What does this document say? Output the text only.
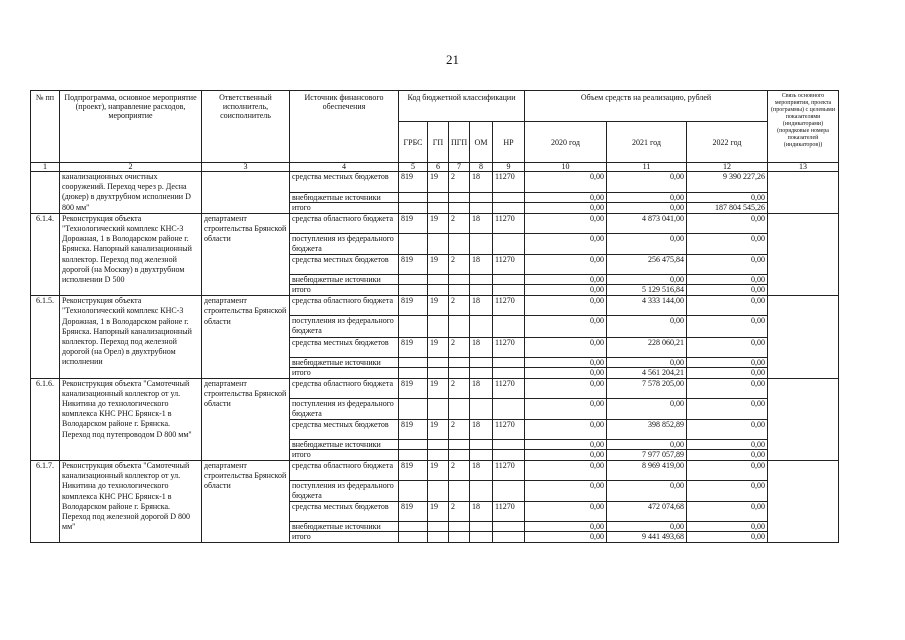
21
№ пп	Подпрограмма, основное мероприятие (проект), направление расходов, мероприятие	Ответственный исполнитель, соисполнитель	Источник финансового обеспечения	Код бюджетной классификации					Объем средств на реализацию, рублей			Связь основного мероприятия, проекта (программы) с целевыми показателями (индикаторами) (порядковые номера показателей (индикаторов))
				ГРБС	ГП	ПГП	ОМ	НР	2020 год	2021 год	2022 год	
1	2	3	4	5	6	7	8	9	10	11	12	13
	канализационных очистных сооружений. Переход через р. Десна (дюкер) в двухтрубном исполнении D 800 мм"		средства местных бюджетов	819	19	2	18	11270	0,00	0,00	9 390 227,26	
			внебюджетные источники						0,00	0,00	0,00	
			итого						0,00	0,00	187 804 545,26	
6.1.4.	Реконструкция объекта "Технологический комплекс КНС-3 Дорожная, 1 в Володарском районе г. Брянска. Напорный канализационный коллектор. Переход под железной дорогой (на Москву) в двухтрубном исполнении D 500	департамент строительства Брянской области	средства областного бюджета	819	19	2	18	11270	0,00	4 873 041,00	0,00	
			поступления из федерального бюджета						0,00	0,00	0,00	
			средства местных бюджетов	819	19	2	18	11270	0,00	256 475,84	0,00	
			внебюджетные источники						0,00	0,00	0,00	
			итого						0,00	5 129 516,84	0,00	
6.1.5.	Реконструкция объекта "Технологический комплекс КНС-3 Дорожная, 1 в Володарском районе г. Брянска. Напорный канализационный коллектор. Переход под железной дорогой (на Орел) в двухтрубном исполнении	департамент строительства Брянской области	средства областного бюджета	819	19	2	18	11270	0,00	4 333 144,00	0,00	
			поступления из федерального бюджета						0,00	0,00	0,00	
			средства местных бюджетов	819	19	2	18	11270	0,00	228 060,21	0,00	
			внебюджетные источники						0,00	0,00	0,00	
			итого						0,00	4 561 204,21	0,00	
6.1.6.	Реконструкция объекта "Самотечный канализационный коллектор от ул. Никитина до технологического комплекса КНС РНС Брянск-1 в Володарском районе г. Брянска. Переход под путепроводом D 800 мм"	департамент строительства Брянской области	средства областного бюджета	819	19	2	18	11270	0,00	7 578 205,00	0,00	
			поступления из федерального бюджета						0,00	0,00	0,00	
			средства местных бюджетов	819	19	2	18	11270	0,00	398 852,89	0,00	
			внебюджетные источники						0,00	0,00	0,00	
			итого						0,00	7 977 057,89	0,00	
6.1.7.	Реконструкция объекта "Самотечный канализационный коллектор от ул. Никитина до технологического комплекса КНС РНС Брянск-1 в Володарском районе г. Брянска. Переход под железной дорогой D 800 мм"	департамент строительства Брянской области	средства областного бюджета	819	19	2	18	11270	0,00	8 969 419,00	0,00	
			поступления из федерального бюджета						0,00	0,00	0,00	
			средства местных бюджетов	819	19	2	18	11270	0,00	472 074,68	0,00	
			внебюджетные источники						0,00	0,00	0,00	
			итого						0,00	9 441 493,68	0,00	
